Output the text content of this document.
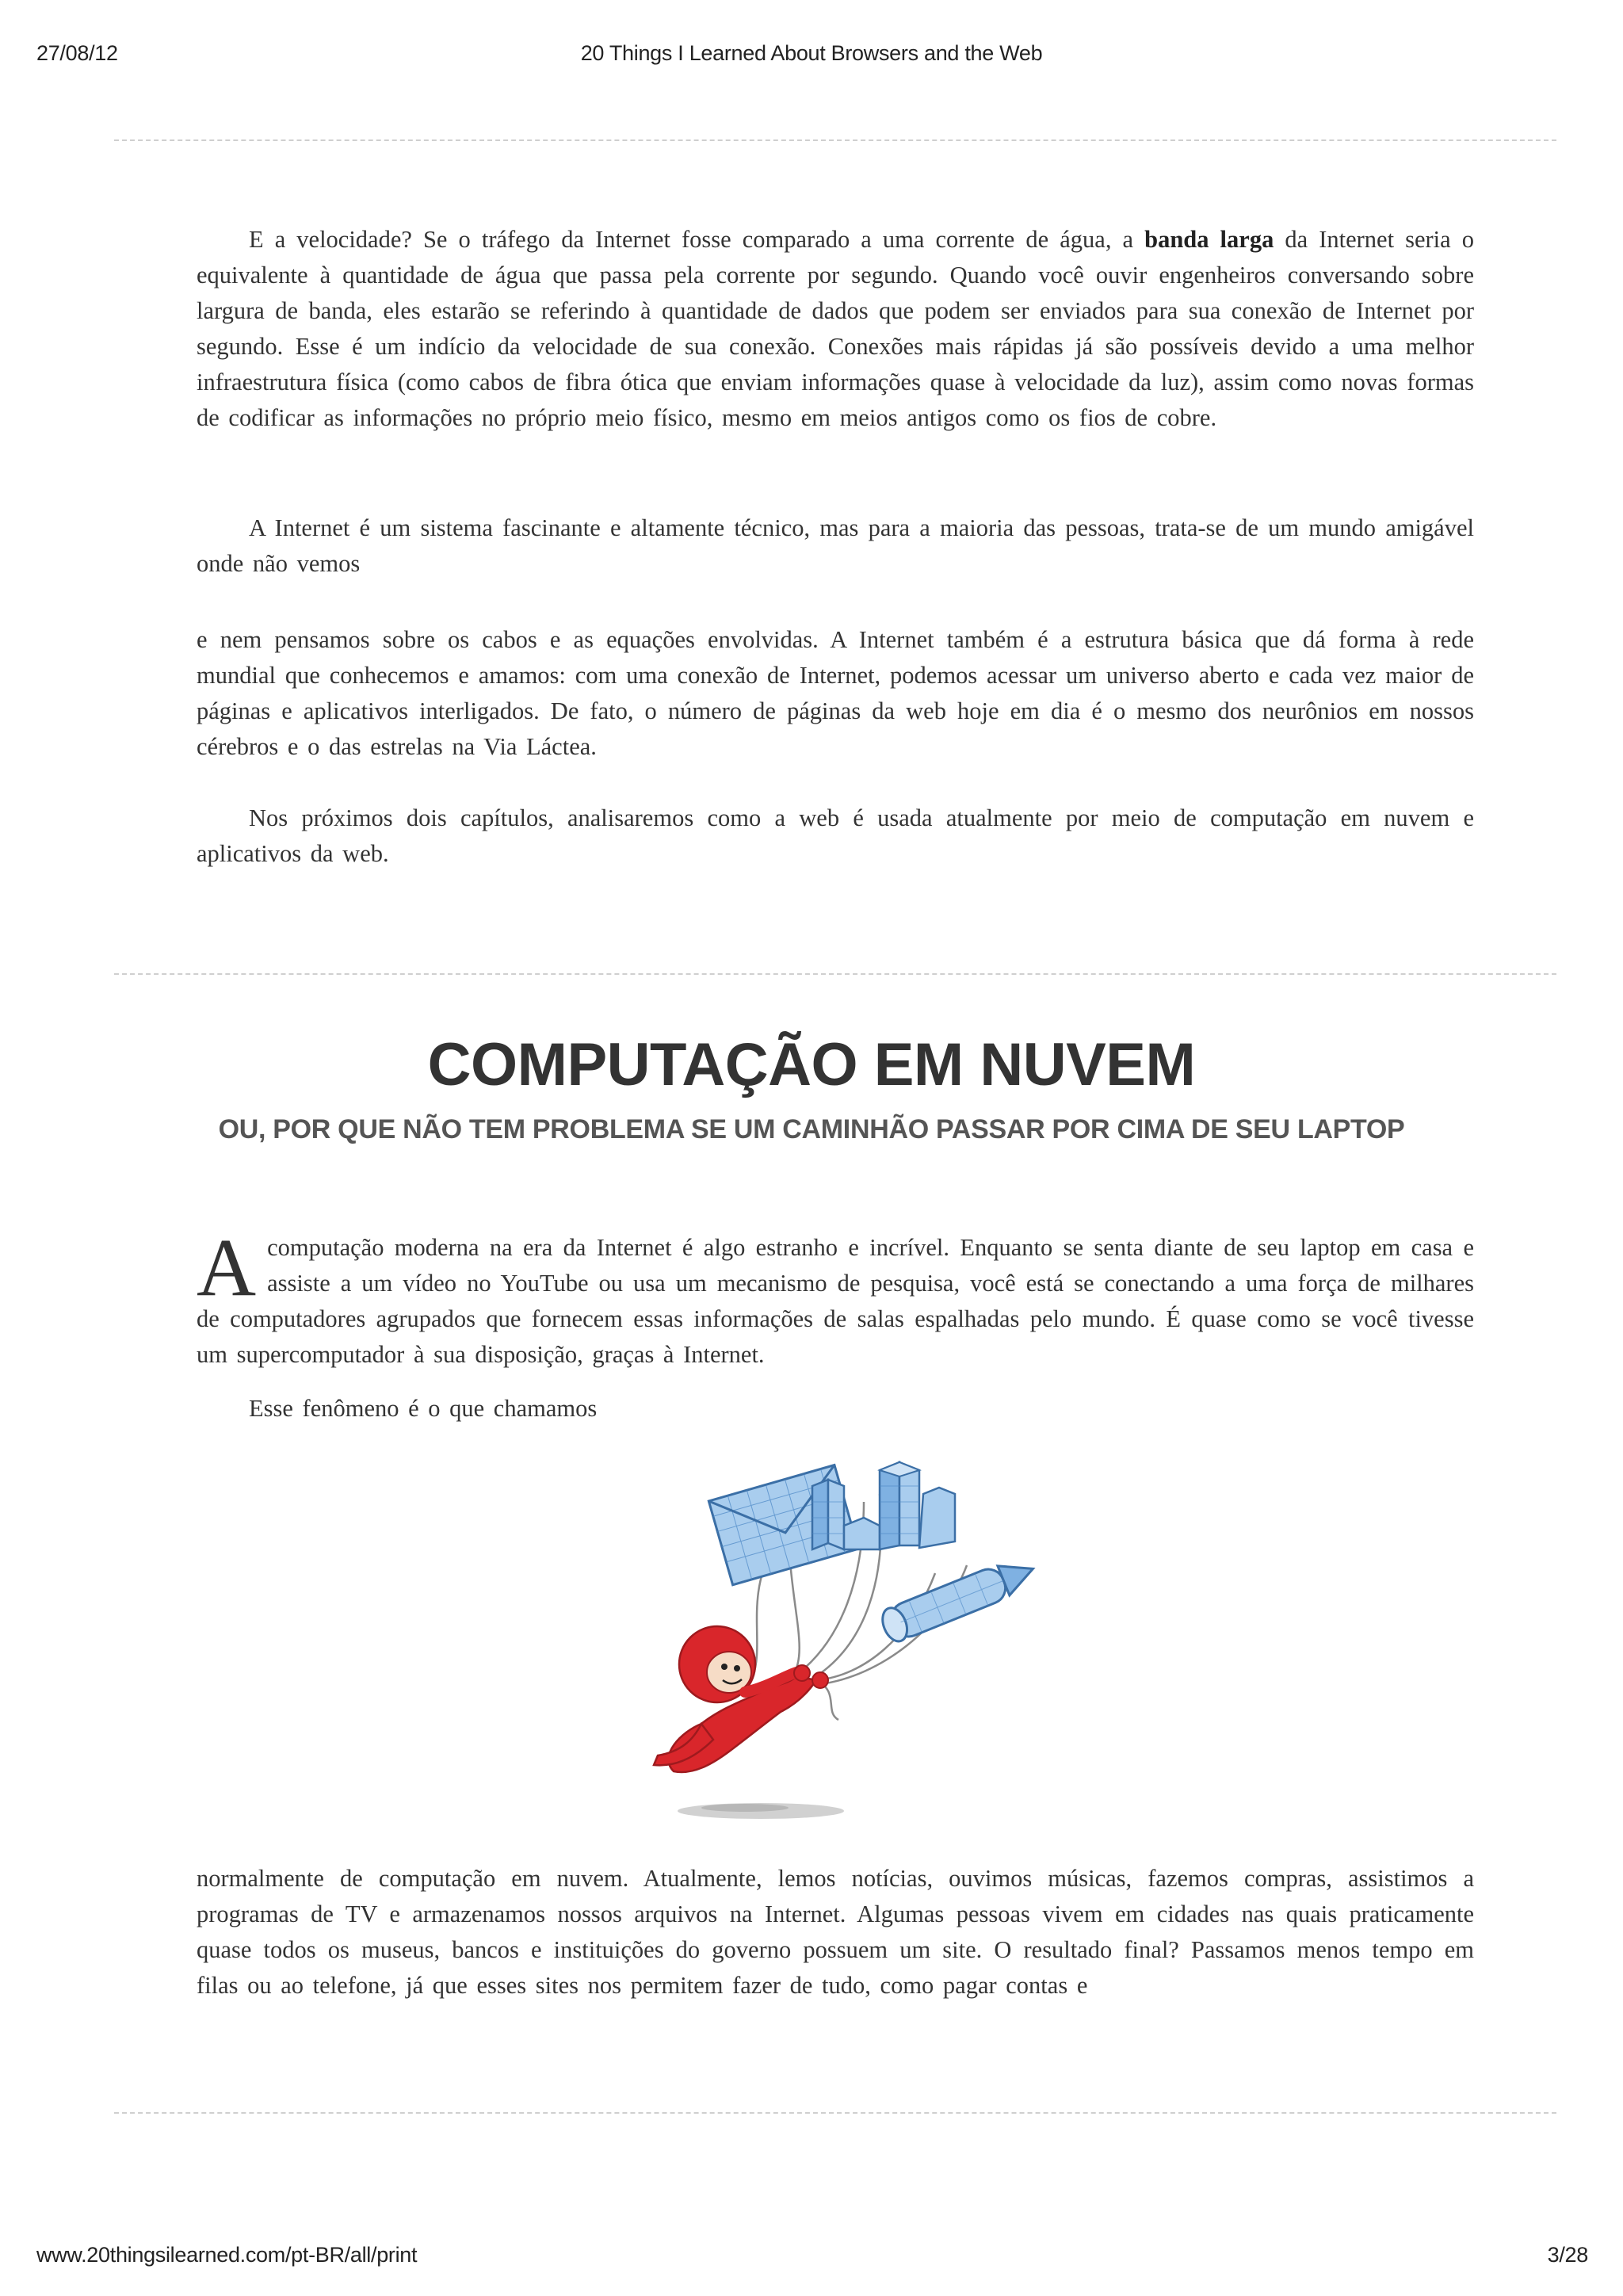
27/08/12	20 Things I Learned About Browsers and the Web

E a velocidade? Se o tráfego da Internet fosse comparado a uma corrente de água, a banda larga da Internet seria o equivalente à quantidade de água que passa pela corrente por segundo. Quando você ouvir engenheiros conversando sobre largura de banda, eles estarão se referindo à quantidade de dados que podem ser enviados para sua conexão de Internet por segundo. Esse é um indício da velocidade de sua conexão. Conexões mais rápidas já são possíveis devido a uma melhor infraestrutura física (como cabos de fibra ótica que enviam informações quase à velocidade da luz), assim como novas formas de codificar as informações no próprio meio físico, mesmo em meios antigos como os fios de cobre.

A Internet é um sistema fascinante e altamente técnico, mas para a maioria das pessoas, trata-se de um mundo amigável onde não vemos

e nem pensamos sobre os cabos e as equações envolvidas. A Internet também é a estrutura básica que dá forma à rede mundial que conhecemos e amamos: com uma conexão de Internet, podemos acessar um universo aberto e cada vez maior de páginas e aplicativos interligados. De fato, o número de páginas da web hoje em dia é o mesmo dos neurônios em nossos cérebros e o das estrelas na Via Láctea.

Nos próximos dois capítulos, analisaremos como a web é usada atualmente por meio de computação em nuvem e aplicativos da web.

COMPUTAÇÃO EM NUVEM
OU, POR QUE NÃO TEM PROBLEMA SE UM CAMINHÃO PASSAR POR CIMA DE SEU LAPTOP

A computação moderna na era da Internet é algo estranho e incrível. Enquanto se senta diante de seu laptop em casa e assiste a um vídeo no YouTube ou usa um mecanismo de pesquisa, você está se conectando a uma força de milhares de computadores agrupados que fornecem essas informações de salas espalhadas pelo mundo. É quase como se você tivesse um supercomputador à sua disposição, graças à Internet.

Esse fenômeno é o que chamamos

normalmente de computação em nuvem. Atualmente, lemos notícias, ouvimos músicas, fazemos compras, assistimos a programas de TV e armazenamos nossos arquivos na Internet. Algumas pessoas vivem em cidades nas quais praticamente quase todos os museus, bancos e instituições do governo possuem um site. O resultado final? Passamos menos tempo em filas ou ao telefone, já que esses sites nos permitem fazer de tudo, como pagar contas e

www.20thingsilearned.com/pt-BR/all/print	3/28
